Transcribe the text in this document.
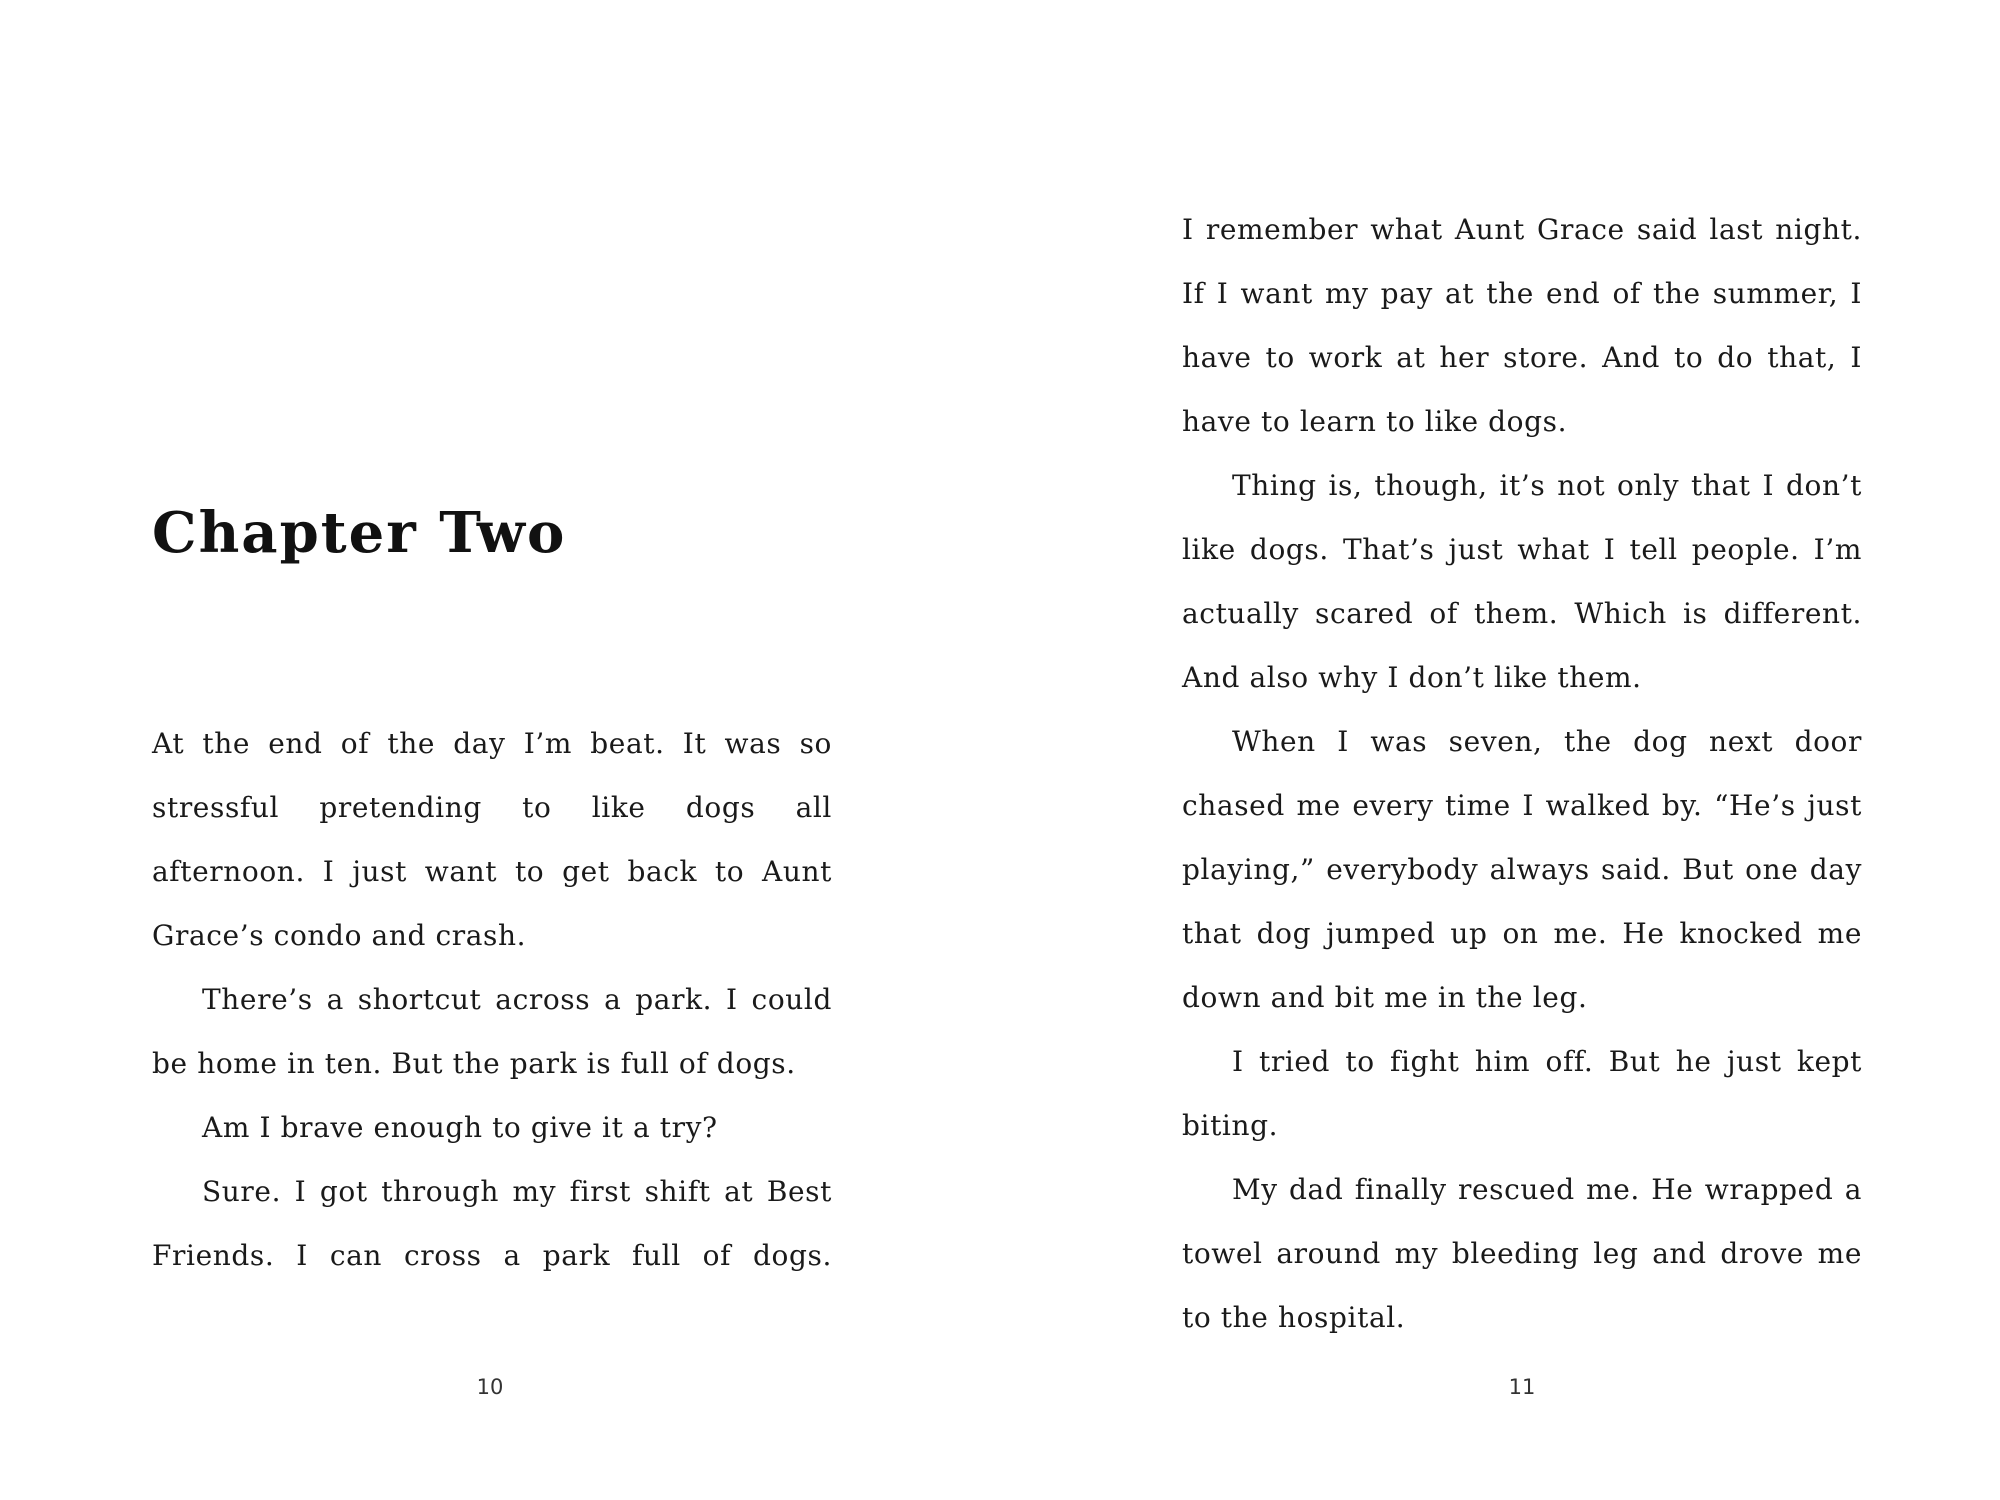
Chapter Two

At the end of the day I’m beat. It was so stressful pretending to like dogs all afternoon. I just want to get back to Aunt Grace’s condo and crash.

There’s a shortcut across a park. I could be home in ten. But the park is full of dogs.

Am I brave enough to give it a try?

Sure. I got through my first shift at Best Friends. I can cross a park full of dogs.

10

I remember what Aunt Grace said last night. If I want my pay at the end of the summer, I have to work at her store. And to do that, I have to learn to like dogs.

Thing is, though, it’s not only that I don’t like dogs. That’s just what I tell people. I’m actually scared of them. Which is different. And also why I don’t like them.

When I was seven, the dog next door chased me every time I walked by. “He’s just playing,” everybody always said. But one day that dog jumped up on me. He knocked me down and bit me in the leg.

I tried to fight him off. But he just kept biting.

My dad finally rescued me. He wrapped a towel around my bleeding leg and drove me to the hospital.

11
